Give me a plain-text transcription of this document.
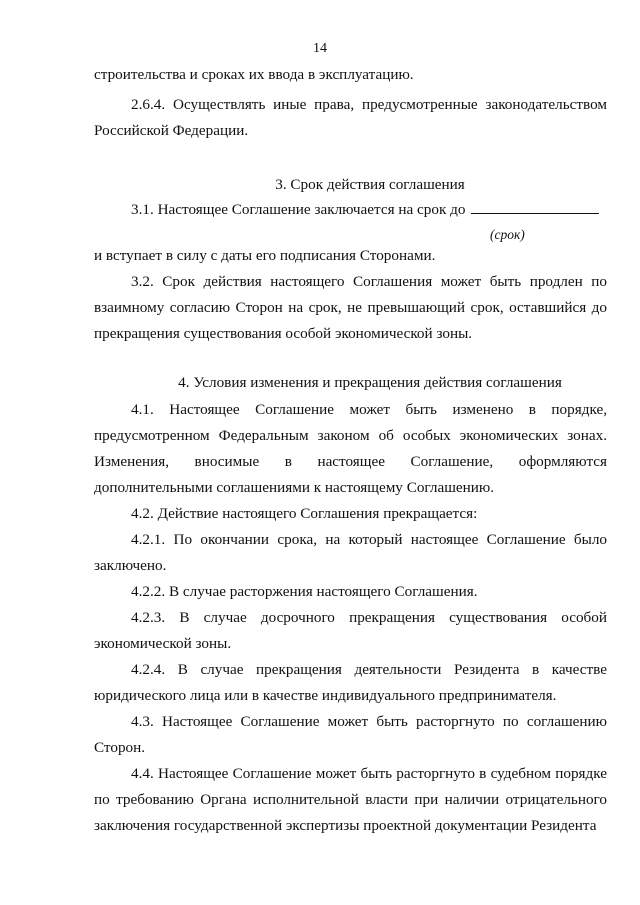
14

строительства и сроках их ввода в эксплуатацию.

2.6.4. Осуществлять иные права, предусмотренные законодательством Российской Федерации.

3. Срок действия соглашения

3.1. Настоящее Соглашение заключается на срок до

(срок)

и вступает в силу с даты его подписания Сторонами.

3.2. Срок действия настоящего Соглашения может быть продлен по взаимному согласию Сторон на срок, не превышающий срок, оставшийся до прекращения существования особой экономической зоны.

4. Условия изменения и прекращения действия соглашения

4.1. Настоящее Соглашение может быть изменено в порядке, предусмотренном Федеральным законом об особых экономических зонах. Изменения, вносимые в настоящее Соглашение, оформляются дополнительными соглашениями к настоящему Соглашению.

4.2. Действие настоящего Соглашения прекращается:

4.2.1. По окончании срока, на который настоящее Соглашение было заключено.

4.2.2. В случае расторжения настоящего Соглашения.

4.2.3. В случае досрочного прекращения существования особой экономической зоны.

4.2.4. В случае прекращения деятельности Резидента в качестве юридического лица или в качестве индивидуального предпринимателя.

4.3. Настоящее Соглашение может быть расторгнуто по соглашению Сторон.

4.4. Настоящее Соглашение может быть расторгнуто в судебном порядке по требованию Органа исполнительной власти при наличии отрицательного заключения государственной экспертизы проектной документации Резидента
